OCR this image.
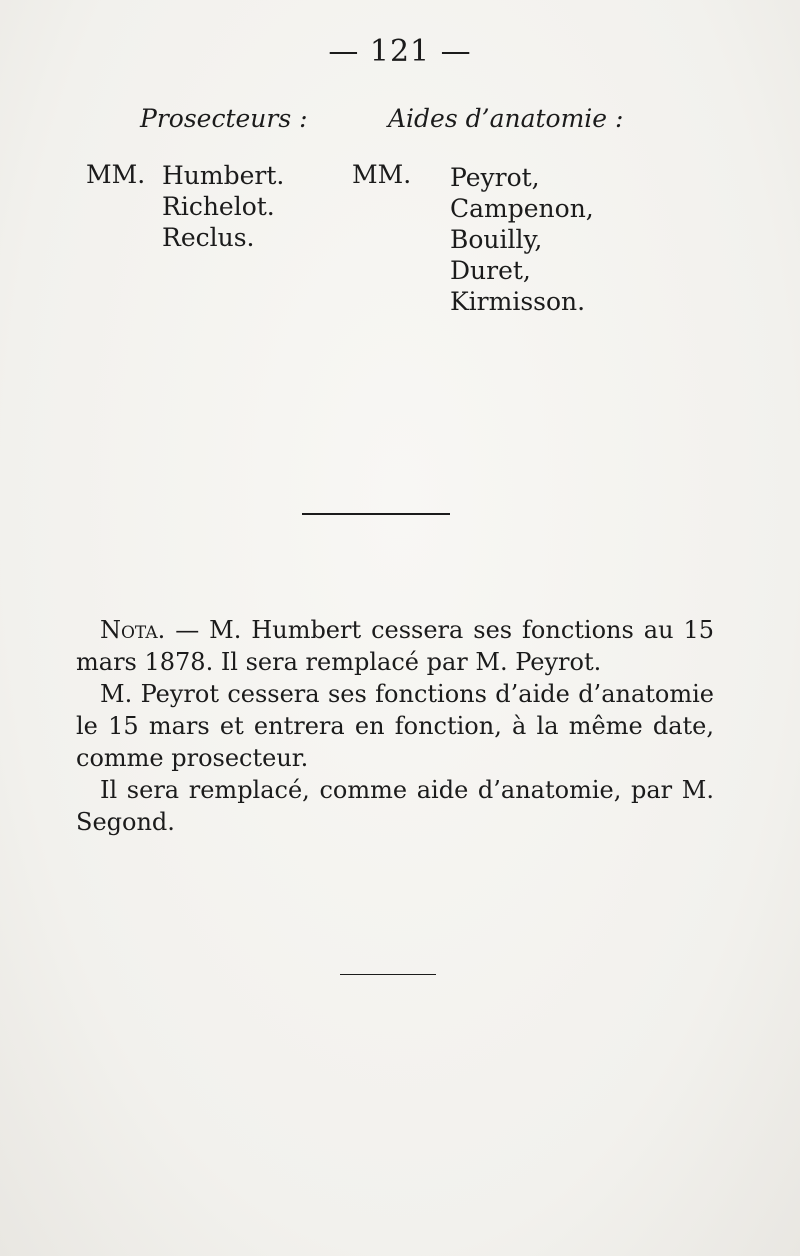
— 121 —
Prosecteurs :	Aides d’anatomie :
MM. Humbert.
Richelot.
Reclus.
MM. Peyrot,
Campenon,
Bouilly,
Duret,
Kirmisson.

Nota. — M. Humbert cessera ses fonctions au 15 mars 1878. Il sera remplacé par M. Peyrot.

M. Peyrot cessera ses fonctions d’aide d’anatomie le 15 mars et entrera en fonction, à la même date, comme prosecteur.

Il sera remplacé, comme aide d’anatomie, par M. Segond.
